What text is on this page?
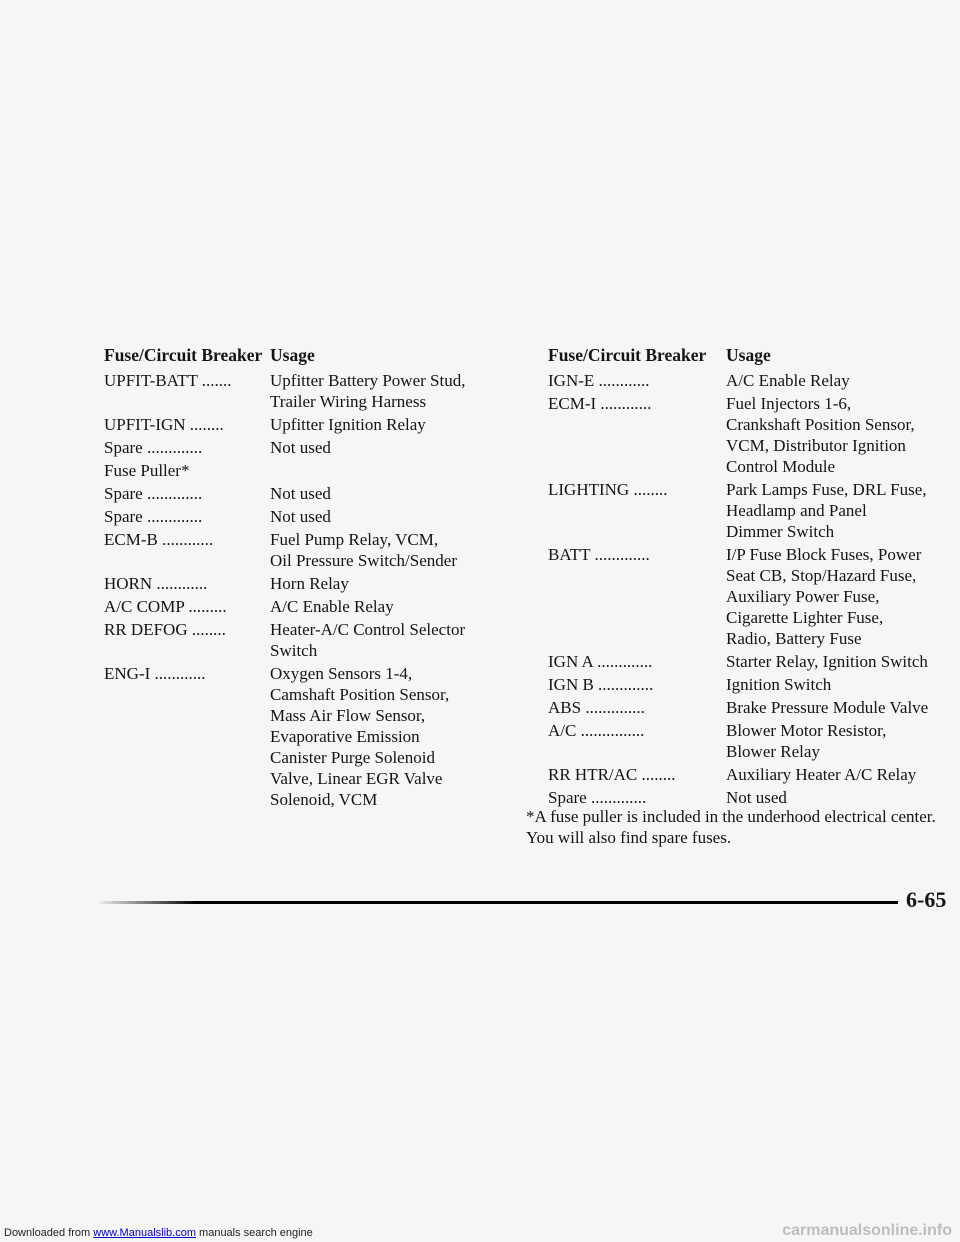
Fuse/Circuit Breaker Usage
UPFIT-BATT .......	Upfitter Battery Power Stud,
Trailer Wiring Harness
UPFIT-IGN ........	Upfitter Ignition Relay
Spare .............	Not used
Fuse Puller*
Spare .............	Not used
Spare .............	Not used
ECM-B ............	Fuel Pump Relay, VCM,
Oil Pressure Switch/Sender
HORN ............	Horn Relay
A/C COMP .........	A/C Enable Relay
RR DEFOG ........	Heater-A/C Control Selector
Switch
ENG-I ............	Oxygen Sensors 1-4,
Camshaft Position Sensor,
Mass Air Flow Sensor,
Evaporative Emission
Canister Purge Solenoid
Valve, Linear EGR Valve
Solenoid, VCM
Fuse/Circuit Breaker	Usage
IGN-E ............	A/C Enable Relay
ECM-I ............	Fuel Injectors 1-6,
Crankshaft Position Sensor,
VCM, Distributor Ignition
Control Module
LIGHTING ........	Park Lamps Fuse, DRL Fuse,
Headlamp and Panel
Dimmer Switch
BATT .............	I/P Fuse Block Fuses, Power
Seat CB, Stop/Hazard Fuse,
Auxiliary Power Fuse,
Cigarette Lighter Fuse,
Radio, Battery Fuse
IGN A .............	Starter Relay, Ignition Switch
IGN B .............	Ignition Switch
ABS ..............	Brake Pressure Module Valve
A/C ...............	Blower Motor Resistor,
Blower Relay
RR HTR/AC ........	Auxiliary Heater A/C Relay
Spare .............	Not used
*A fuse puller is included in the underhood electrical center. You will also find spare fuses.
6-65
Downloaded from www.Manualslib.com manuals search engine	carmanualsonline.info
